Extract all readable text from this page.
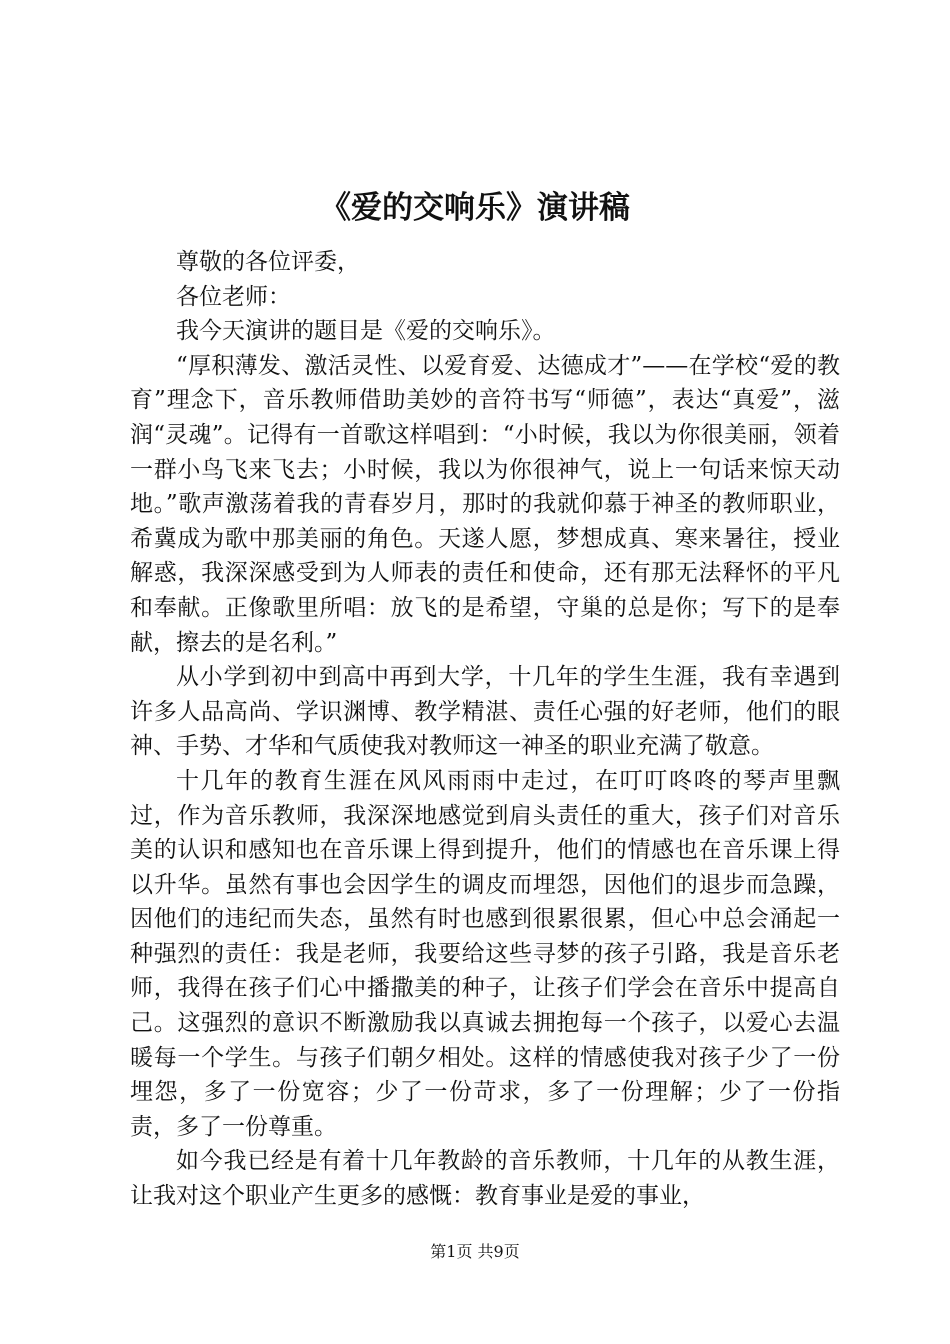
《爱的交响乐》演讲稿

尊敬的各位评委，

各位老师：

我今天演讲的题目是《爱的交响乐》。

“厚积薄发、激活灵性、以爱育爱、达德成才”——在学校“爱的教育”理念下，音乐教师借助美妙的音符书写“师德”，表达“真爱”，滋润“灵魂”。记得有一首歌这样唱到：“小时候，我以为你很美丽，领着一群小鸟飞来飞去；小时候，我以为你很神气，说上一句话来惊天动地。”歌声激荡着我的青春岁月，那时的我就仰慕于神圣的教师职业，希冀成为歌中那美丽的角色。天遂人愿，梦想成真、寒来暑往，授业解惑，我深深感受到为人师表的责任和使命，还有那无法释怀的平凡和奉献。正像歌里所唱：放飞的是希望，守巢的总是你；写下的是奉献，擦去的是名利。”

从小学到初中到高中再到大学，十几年的学生生涯，我有幸遇到许多人品高尚、学识渊博、教学精湛、责任心强的好老师，他们的眼神、手势、才华和气质使我对教师这一神圣的职业充满了敬意。

十几年的教育生涯在风风雨雨中走过，在叮叮咚咚的琴声里飘过，作为音乐教师，我深深地感觉到肩头责任的重大，孩子们对音乐美的认识和感知也在音乐课上得到提升，他们的情感也在音乐课上得以升华。虽然有事也会因学生的调皮而埋怨，因他们的退步而急躁，因他们的违纪而失态，虽然有时也感到很累很累，但心中总会涌起一种强烈的责任：我是老师，我要给这些寻梦的孩子引路，我是音乐老师，我得在孩子们心中播撒美的种子，让孩子们学会在音乐中提高自己。这强烈的意识不断激励我以真诚去拥抱每一个孩子，以爱心去温暖每一个学生。与孩子们朝夕相处。这样的情感使我对孩子少了一份埋怨，多了一份宽容；少了一份苛求，多了一份理解；少了一份指责，多了一份尊重。

如今我已经是有着十几年教龄的音乐教师，十几年的从教生涯，让我对这个职业产生更多的感慨：教育事业是爱的事业，

第1页 共9页
